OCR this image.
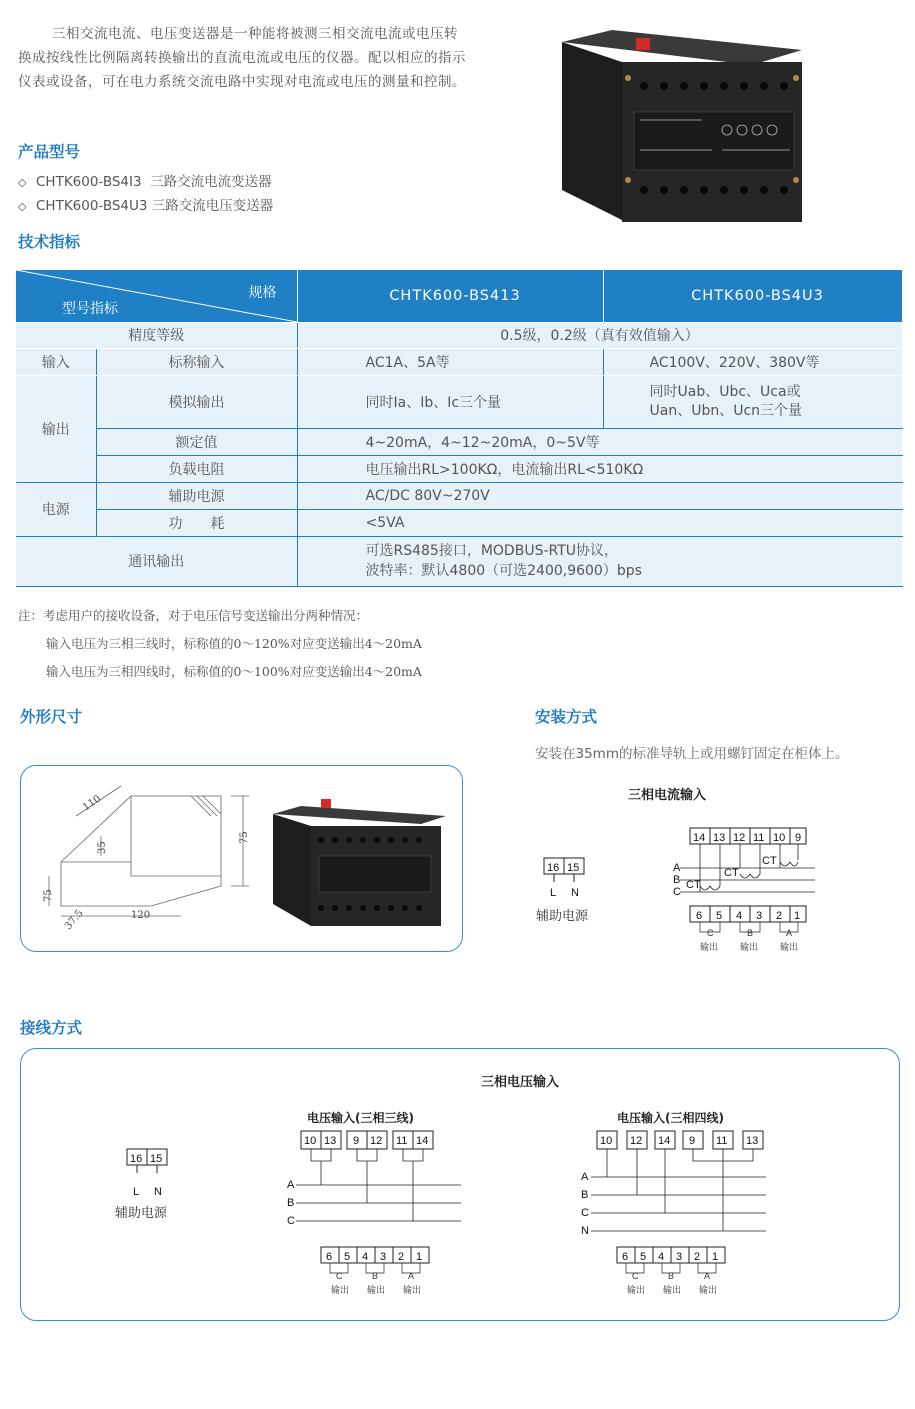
三相交流电流、电压变送器是一种能将被测三相交流电流或电压转换成按线性比例隔离转换输出的直流电流或电压的仪器。配以相应的指示仪表或设备，可在电力系统交流电路中实现对电流或电压的测量和控制。

产品型号
◇ CHTK600-BS4I3 三路交流电流变送器
◇ CHTK600-BS4U3 三路交流电压变送器
技术指标
规格
型号指标		CHTK600-BS413	CHTK600-BS4U3
精度等级		0.5级，0.2级（真有效值输入）	
输入	标称输入	AC1A、5A等	AC100V、220V、380V等
输出	模拟输出	同时Ia、Ib、Ic三个量	同时Uab、Ubc、Uca或
Uan、Ubn、Ucn三个量
	额定值	4~20mA，4~12~20mA，0~5V等	
	负载电阻	电压输出RL>100KΩ，电流输出RL<510KΩ	
电源	辅助电源	AC/DC 80V~270V	
	功　　耗	<5VA	
通讯输出		可选RS485接口，MODBUS-RTU协议，
波特率：默认4800（可选2400,9600）bps	
注：考虑用户的接收设备，对于电压信号变送输出分两种情况：
输入电压为三相三线时，标称值的0～120%对应变送输出4～20mA
输入电压为三相四线时，标称值的0～100%对应变送输出4～20mA
外形尺寸
110
75
35
75
37.5	120
安装方式
安装在35mm的标准导轨上或用螺钉固定在柜体上。
三相电流输入
16 15
L N
辅助电源
14 13 12 11 10 9
A
B
C
CT
CT
CT
6 5 4 3 2 1
C	B	A
输出 输出 输出
接线方式
三相电压输入
电压输入(三相三线)	电压输入(三相四线)
16 15
L N
辅助电源
10 13 9 12 11 14
A
B
C
6 5 4 3 2 1
C	B	A
输出 输出 输出
10 12 14 9 11 13
A
B
C
N
6 5 4 3 2 1
C	B	A
输出 输出 输出
